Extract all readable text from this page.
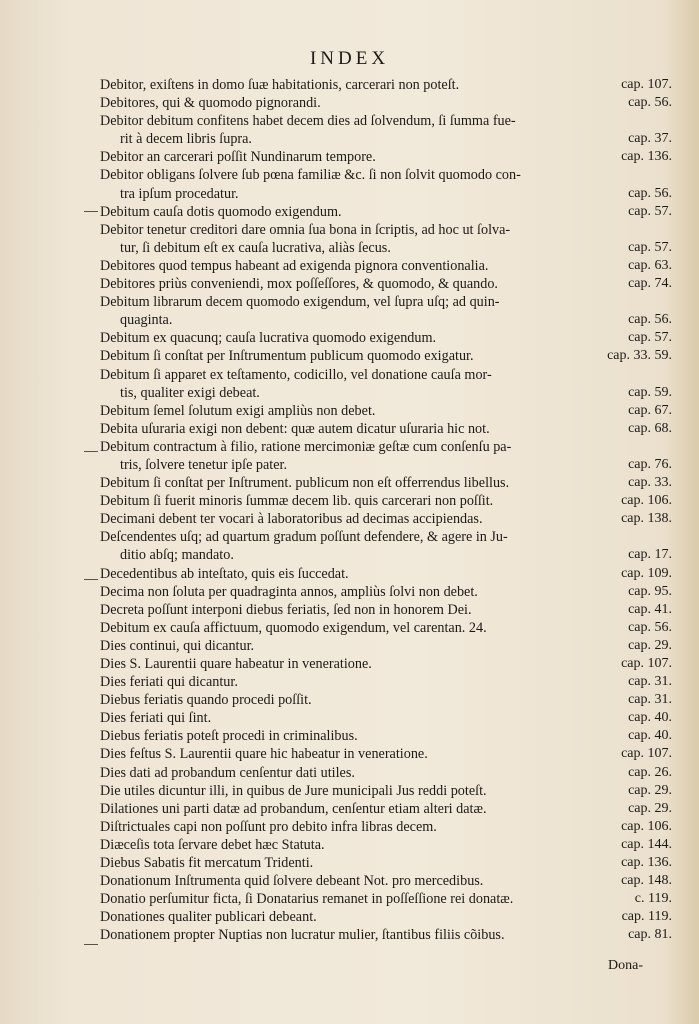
INDEX
Debitor, exiſtens in domo ſuæ habitationis, carcerari non poteſt.	cap. 107.
Debitores, qui & quomodo pignorandi.	cap. 56.
Debitor debitum confitens habet decem dies ad ſolvendum, ſi ſumma fue-
rit à decem libris ſupra.	cap. 37.
Debitor an carcerari poſſit Nundinarum tempore.	cap. 136.
Debitor obligans ſolvere ſub pœna familiæ &c. ſi non ſolvit quomodo con-
tra ipſum procedatur.	cap. 56.
Debitum cauſa dotis quomodo exigendum.	cap. 57.
Debitor tenetur creditori dare omnia ſua bona in ſcriptis, ad hoc ut ſolva-
tur, ſi debitum eſt ex cauſa lucrativa, aliàs ſecus.	cap. 57.
Debitores quod tempus habeant ad exigenda pignora conventionalia.	cap. 63.
Debitores priùs conveniendi, mox poſſeſſores, & quomodo, & quando.	cap. 74.
Debitum librarum decem quomodo exigendum, vel ſupra uſq; ad quin-
quaginta.	cap. 56.
Debitum ex quacunq; cauſa lucrativa quomodo exigendum.	cap. 57.
Debitum ſi conſtat per Inſtrumentum publicum quomodo exigatur.	cap. 33. 59.
Debitum ſi apparet ex teſtamento, codicillo, vel donatione cauſa mor-
tis, qualiter exigi debeat.	cap. 59.
Debitum ſemel ſolutum exigi ampliùs non debet.	cap. 67.
Debita uſuraria exigi non debent: quæ autem dicatur uſuraria hic not.	cap. 68.
Debitum contractum à filio, ratione mercimoniæ geſtæ cum conſenſu pa-
tris, ſolvere tenetur ipſe pater.	cap. 76.
Debitum ſi conſtat per Inſtrument. publicum non eſt offerrendus libellus.	cap. 33.
Debitum ſi fuerit minoris ſummæ decem lib. quis carcerari non poſſit.	cap. 106.
Decimani debent ter vocari à laboratoribus ad decimas accipiendas.	cap. 138.
Deſcendentes uſq; ad quartum gradum poſſunt defendere, & agere in Ju-
ditio abſq; mandato.	cap. 17.
Decedentibus ab inteſtato, quis eis ſuccedat.	cap. 109.
Decima non ſoluta per quadraginta annos, ampliùs ſolvi non debet.	cap. 95.
Decreta poſſunt interponi diebus feriatis, ſed non in honorem Dei.	cap. 41.
Debitum ex cauſa affictuum, quomodo exigendum, vel carentan. 24.	cap. 56.
Dies continui, qui dicantur.	cap. 29.
Dies S. Laurentii quare habeatur in veneratione.	cap. 107.
Dies feriati qui dicantur.	cap. 31.
Diebus feriatis quando procedi poſſit.	cap. 31.
Dies feriati qui ſint.	cap. 40.
Diebus feriatis poteſt procedi in criminalibus.	cap. 40.
Dies feſtus S. Laurentii quare hic habeatur in veneratione.	cap. 107.
Dies dati ad probandum cenſentur dati utiles.	cap. 26.
Die utiles dicuntur illi, in quibus de Jure municipali Jus reddi poteſt.	cap. 29.
Dilationes uni parti datæ ad probandum, cenſentur etiam alteri datæ.	cap. 29.
Diſtrictuales capi non poſſunt pro debito infra libras decem.	cap. 106.
Diæceſis tota ſervare debet hæc Statuta.	cap. 144.
Diebus Sabatis fit mercatum Tridenti.	cap. 136.
Donationum Inſtrumenta quid ſolvere debeant Not. pro mercedibus.	cap. 148.
Donatio perſumitur ficta, ſi Donatarius remanet in poſſeſſione rei donatæ.	c. 119.
Donationes qualiter publicari debeant.	cap. 119.
Donationem propter Nuptias non lucratur mulier, ſtantibus filiis cõibus.	cap. 81.
Dona-
